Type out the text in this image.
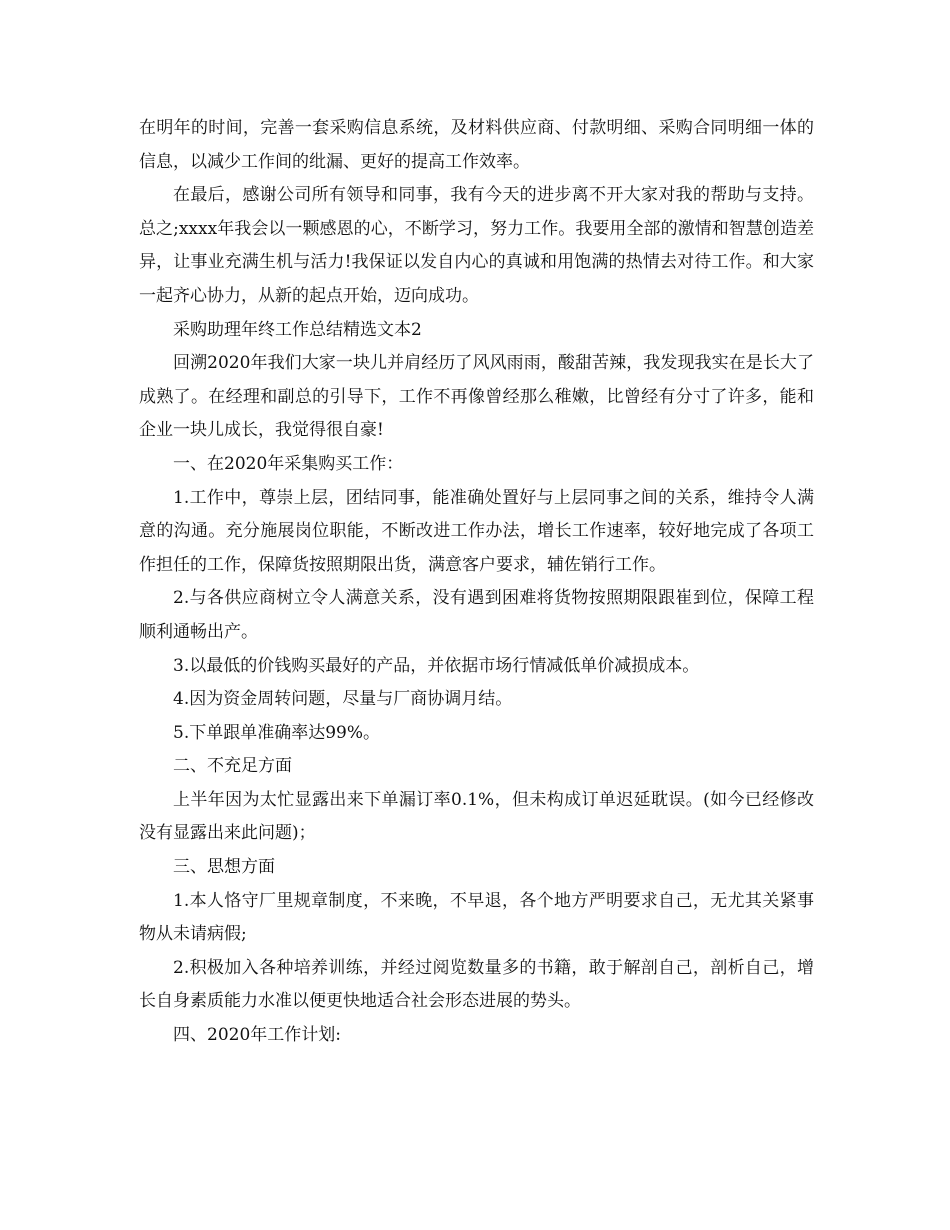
在明年的时间，完善一套采购信息系统，及材料供应商、付款明细、采购合同明细一体的信息，以减少工作间的纰漏、更好的提高工作效率。

在最后，感谢公司所有领导和同事，我有今天的进步离不开大家对我的帮助与支持。总之;xxxx年我会以一颗感恩的心，不断学习，努力工作。我要用全部的激情和智慧创造差异，让事业充满生机与活力!我保证以发自内心的真诚和用饱满的热情去对待工作。和大家一起齐心协力，从新的起点开始，迈向成功。

采购助理年终工作总结精选文本2

回溯2020年我们大家一块儿并肩经历了风风雨雨，酸甜苦辣，我发现我实在是长大了成熟了。在经理和副总的引导下，工作不再像曾经那么稚嫩，比曾经有分寸了许多，能和企业一块儿成长，我觉得很自豪!

一、在2020年采集购买工作：

1.工作中，尊崇上层，团结同事，能准确处置好与上层同事之间的关系，维持令人满意的沟通。充分施展岗位职能，不断改进工作办法，增长工作速率，较好地完成了各项工作担任的工作，保障货按照期限出货，满意客户要求，辅佐销行工作。

2.与各供应商树立令人满意关系，没有遇到困难将货物按照期限跟崔到位，保障工程顺利通畅出产。

3.以最低的价钱购买最好的产品，并依据市场行情减低单价减损成本。

4.因为资金周转问题，尽量与厂商协调月结。

5.下单跟单准确率达99%。

二、不充足方面

上半年因为太忙显露出来下单漏订率0.1%，但未构成订单迟延耽误。(如今已经修改没有显露出来此问题)；

三、思想方面

1.本人恪守厂里规章制度，不来晚，不早退，各个地方严明要求自己，无尤其关紧事物从未请病假;

2.积极加入各种培养训练，并经过阅览数量多的书籍，敢于解剖自己，剖析自己，增长自身素质能力水准以便更快地适合社会形态进展的势头。

四、2020年工作计划:
